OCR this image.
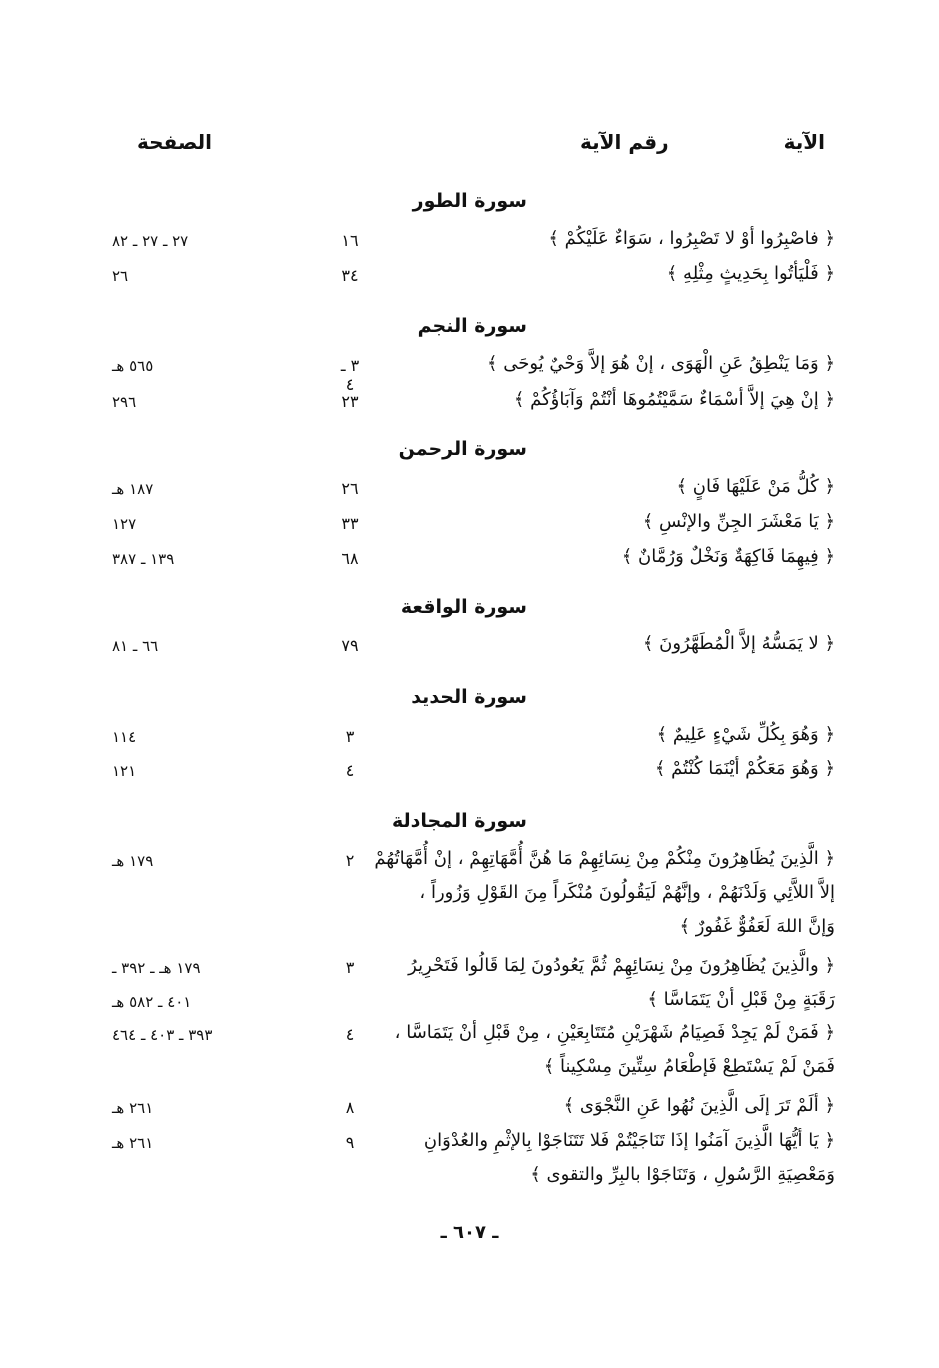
الآية
رقم الآية
الصفحة
سورة الطور
﴿ فاصْبِرُوا أوْ لا تَصْبِرُوا ، سَوَاءٌ عَلَيْكُمْ ﴾
١٦
٢٧ ـ ٢٧ ـ ٨٢
﴿ فَلْيَأتُوا بِحَدِيثٍ مِثْلِهِ ﴾
٣٤
٢٦
سورة النجم
﴿ وَمَا يَنْطِقُ عَنِ الْهَوَى ، إنْ هُوَ إلاَّ وَحْيٌ يُوحَى ﴾
٣ ـ ٤
٥٦٥ هـ
﴿ إنْ هِيَ إلاَّ أسْمَاءٌ سَمَّيْتُمُوهَا أنْتُمْ وَآبَاؤُكُمْ ﴾
٢٣
٢٩٦
سورة الرحمن
﴿ كُلُّ مَنْ عَلَيْهَا فَانٍ ﴾
٢٦
١٨٧ هـ
﴿ يَا مَعْشَرَ الجِنِّ والإنْسِ ﴾
٣٣
١٢٧
﴿ فِيهِمَا فَاكِهَةٌ وَنَخْلٌ وَرُمَّانٌ ﴾
٦٨
١٣٩ ـ ٣٨٧
سورة الواقعة
﴿ لا يَمَسُّهُ إلاَّ الْمُطَهَّرُونَ ﴾
٧٩
٦٦ ـ ٨١
سورة الحديد
﴿ وَهُوَ بِكُلِّ شَيْءٍ عَلِيمٌ ﴾
٣
١١٤
﴿ وَهُوَ مَعَكُمْ أيْنَمَا كُنْتُمْ ﴾
٤
١٢١
سورة المجادلة
﴿ الَّذِينَ يُظَاهِرُونَ مِنْكُمْ مِنْ نِسَائِهِمْ مَا هُنَّ أُمَّهَاتِهِمْ ، إنْ أُمَّهَاتُهُمْ
إلاَّ اللاَّئِي وَلَدْنَهُمْ ، وإنَّهُمْ لَيَقُولُونَ مُنْكَراً مِنَ القَوْلِ وَزُوراً ،
وَإنَّ اللهَ لَعَفُوٌّ غَفُورٌ ﴾
٢
١٧٩ هـ
﴿ والَّذِينَ يُظَاهِرُونَ مِنْ نِسَائِهِمْ ثُمَّ يَعُودُونَ لِمَا قَالُوا فَتَحْرِيرُ
رَقَبَةٍ مِنْ قَبْلِ أنْ يَتَمَاسَّا ﴾
٣
١٧٩ هـ ـ ٣٩٢ ـ
٤٠١ ـ ٥٨٢ هـ
﴿ فَمَنْ لَمْ يَجِدْ فَصِيَامُ شَهْرَيْنِ مُتَتَابِعَيْنِ ، مِنْ قَبْلِ أنْ يَتَمَاسَّا ،
فَمَنْ لَمْ يَسْتَطِعْ فَإطْعَامُ سِتِّينَ مِسْكِيناً ﴾
٤
٣٩٣ ـ ٤٠٣ ـ ٤٦٤
﴿ ألَمْ تَرَ إلَى الَّذِينَ نُهُوا عَنِ النَّجْوَى ﴾
٨
٢٦١ هـ
﴿ يَا أيُّهَا الَّذِينَ آمَنُوا إذَا تَنَاجَيْتُمْ فَلا تَتَنَاجَوْا بِالإثْمِ والعُدْوَانِ
وَمَعْصِيَةِ الرَّسُولِ ، وَتَنَاجَوْا بالبِرِّ والتقوى ﴾
٩
٢٦١ هـ
ـ ٦٠٧ ـ
